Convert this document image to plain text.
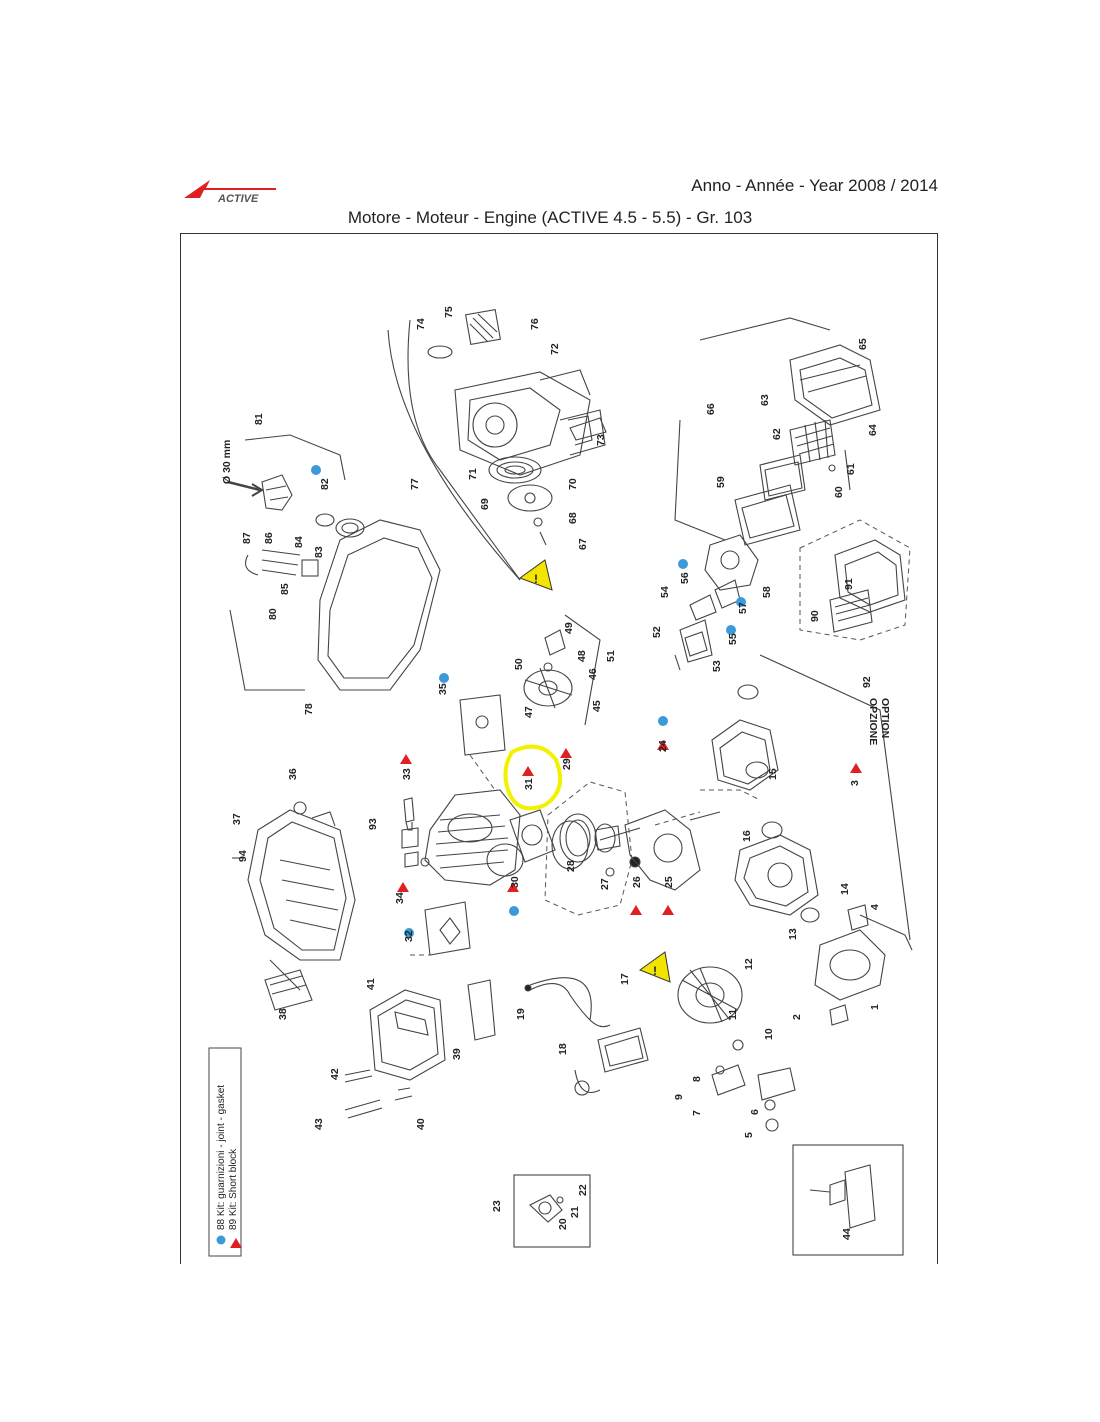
ACTIVE
Anno - Année - Year 2008 / 2014
Motore - Moteur - Engine (ACTIVE 4.5 - 5.5) - Gr. 103
!
!
1
2
3
4
5
6
7
8
9
10
11
12
13
14
15
16
17
18
19
20
21
22
23
24
25
26
27
28
29
30
31
32
33
34
35
36
37
38
39
40
41
42
43
44
45
46
47
48
49
50
51
52
53
54
55
56
57
58
59
60
61
62
63
64
65
66
67
68
69
70
71
72
73
74
75
76
77
78
80
81
82
83
84
85
86
87
90
91
92
93
94
Ø 30 mm
OPZIONE OPTION
88 Kit: guarnizioni - joint - gasket 89 Kit: Short block
